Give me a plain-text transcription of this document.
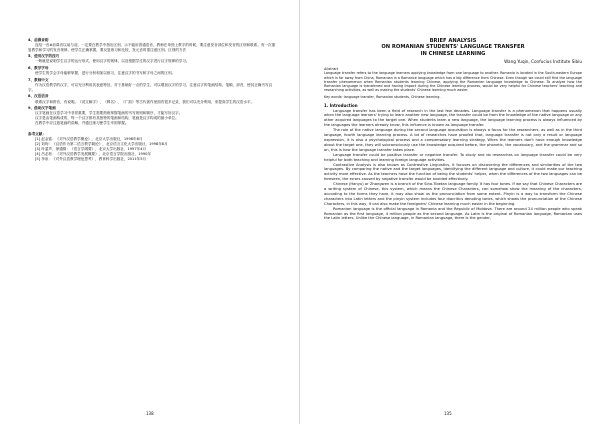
4、前鼻音韵

连结一音#前鼻音以前与前，一定要在教学中指出区别，示不能用普通语音，教师在单独上教字的时候，要注意发音部位和发音的区别和联系。有一次重复教学和学习的发音规律，使学生正确掌握，要反复练习和比较，发元音时需注意区别。区别的方法

5、使用汉字的技巧

一般就是说明学生汉字的运行形式，使用汉字的规律，以及根据学过的汉字进行汉字规律的学习。

6、教学字母

使学生的学会字母能够掌握，进行分析和加以练习，注意汉字的书写和字母之间的区别。

7、教师中文

作为汉语教学的汉字，可以充分利用其表意特征，对于基础好一点的学生，可以增加汉字的学习，注意汉字的笔画结构，笔顺，部首，使其正确书写汉字。

8、汉语语音

联系汉字和拼音，有说明。《说文解字》、《释名》、《广韵》等古代著作里面有很多记录，我们可以充分利用，来提高学生的汉语水平。

9、借助汉字笔画

汉字笔画在汉语学习中非常重要，学生需要熟练掌握笔画的书写规则和顺序，才能写好汉字。

汉字是由笔画构成的，每一个汉字都有其独特的笔画和结构，笔画是汉字构成的最小单位。

在教学中应注意笔画的讲解，并通过练习使学生牢固掌握。

参考文献：

[1] 赵金铭：《对外汉语教学概论》，北京大学出版社，1998年6月

[2] 刘珣：《汉语作为第二语言教学简论》，北京语言文化大学出版社，1998年8月

[3] 叶蜚声、徐通锵：《语言学纲要》，北京大学出版社，1997年4月

[4] 吕必松：《对外汉语教学发展概要》，北京语言学院出版社，1990年

[5] 李泉：《对外汉语教学理论思考》，教育科学出版社，2011年5月

138
BRIEF ANALYSIS
ON ROMANIAN STUDENTS' LANGUAGE TRANSFER
IN CHINESE LEARNING
Wang Yuqin, Confucius Institute Sibiu
Abstract
Language transfer refers to the language learners applying knowledge from one language to another. Romania is located in the South-eastern Europe which is far away from China, Romanian is a Romance language which has a big difference from Chinese. Even though we could still find the language transfer phenomenon when Romanian students learning Chinese, applying the Romanian language knowledge to Chinese. To analyze how the Romanian language is transferred and having impact during the Chinese learning process, would be very helpful for Chinese teachers' teaching and researching activities, as well as making the students' Chinese learning much easier.
Key words: language transfer, Romanian students, Chinese learning.
1. Introduction

Language transfer has been a field of research in the last few decades. Language transfer is a phenomenon that happens usually when the language learners' trying to learn another new language, the transfer could be from the knowledge of the native language or any other acquired languages to the target one. When students learn a new language, the language learning process is always influenced by the languages the learners already know, this influence is known as language transfer.

The role of the native language during the second language acquisition is always a focus for the researchers, as well as in the third language, fourth language learning process. A lot of researches have proofed that, language transfer is not only a result or language expression, it is also a psychological process and a compensatory learning strategy. When the learners don't have enough knowledge about the target one, they will subconsciously use the knowledge acquired before, the phonetic, the vocabulary, and the grammar and so on, this is how the language transfer takes place.

Language transfer could be positive transfer or negative transfer. To study and do researches on language transfer could be very helpful for both teaching and learning foreign language activities.

Contrastive Analysis is also known as Contrastive Linguistics, it focuses on discovering the differences and similarities of the two languages. By comparing the native and the target languages, identifying the different language and culture, it could make our teaching activity more effective. As the teachers have the function of being the students' helper, when the differences of the two languages can be foreseen, the errors caused by negative transfer would be avoided effectively.

Chinese (Hanyu) or Zhongwen is a branch of the Sino-Tibetan language family. It has four tones. If we say that Chinese Characters are a writing system of Chinese, this system, which means the Chinese Characters, can somehow show the meaning of the characters, according to the forms they have, it may also show us the pronunciation from some extent. Pinyin is a way to transform the Chinese characters into Latin letters and the pinyin system includes four diacritics denoting tones, which shows the pronunciation of the Chinese Characters, in this way, it can also make the foreigners' Chinese learning much easier in the beginning.

Romanian language is the official language in Romania and the Republic of Moldova. There are around 24 million people who speak Romanian as the first language, 4 million people as the second language. As Latin is the original of Romanian language, Romanian uses the Latin letters. Unlike the Chinese language, in Romanian language, there is the gender,

135
